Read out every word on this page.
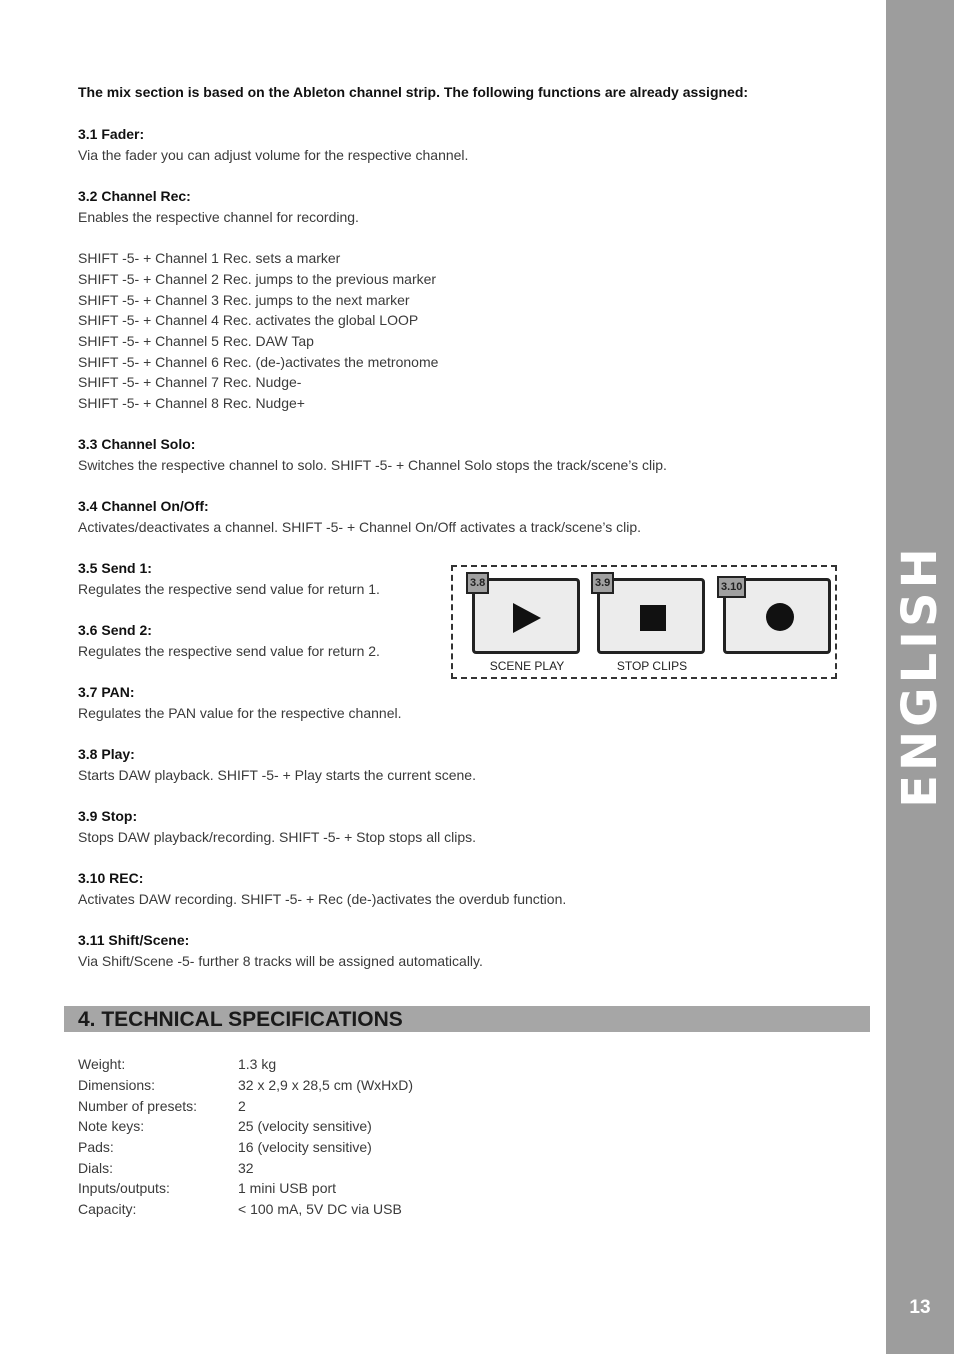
ENGLISH
13
The mix section is based on the Ableton channel strip. The following functions are already assigned:
3.1 Fader:

Via the fader you can adjust volume for the respective channel.

3.2 Channel Rec:

Enables the respective channel for recording.

SHIFT -5- + Channel 1 Rec. sets a marker

SHIFT -5- + Channel 2 Rec. jumps to the previous marker

SHIFT -5- + Channel 3 Rec. jumps to the next marker

SHIFT -5- + Channel 4 Rec. activates the global LOOP

SHIFT -5- + Channel 5 Rec. DAW Tap

SHIFT -5- + Channel 6 Rec. (de-)activates the metronome

SHIFT -5- + Channel 7 Rec. Nudge-

SHIFT -5- + Channel 8 Rec. Nudge+

3.3 Channel Solo:

Switches the respective channel to solo. SHIFT -5- + Channel Solo stops the track/scene’s clip.

3.4 Channel On/Off:

Activates/deactivates a channel. SHIFT -5- + Channel On/Off activates a track/scene’s clip.

3.5 Send 1:

Regulates the respective send value for return 1.

3.6 Send 2:

Regulates the respective send value for return 2.

3.7 PAN:

Regulates the PAN value for the respective channel.

3.8 Play:

Starts DAW playback. SHIFT -5- + Play starts the current scene.

3.9 Stop:

Stops DAW playback/recording. SHIFT -5- + Stop stops all clips.

3.10 REC:

Activates DAW recording. SHIFT -5- + Rec (de-)activates the overdub function.

3.11 Shift/Scene:

Via Shift/Scene -5- further 8 tracks will be assigned automatically.

3.8
SCENE PLAY
3.9
STOP CLIPS
3.10
4. TECHNICAL SPECIFICATIONS
Weight:	1.3 kg
Dimensions:	32 x 2,9 x 28,5 cm (WxHxD)
Number of presets:	2
Note keys:	25 (velocity sensitive)
Pads:	16 (velocity sensitive)
Dials:	32
Inputs/outputs:	1 mini USB port
Capacity:	< 100 mA, 5V DC via USB
